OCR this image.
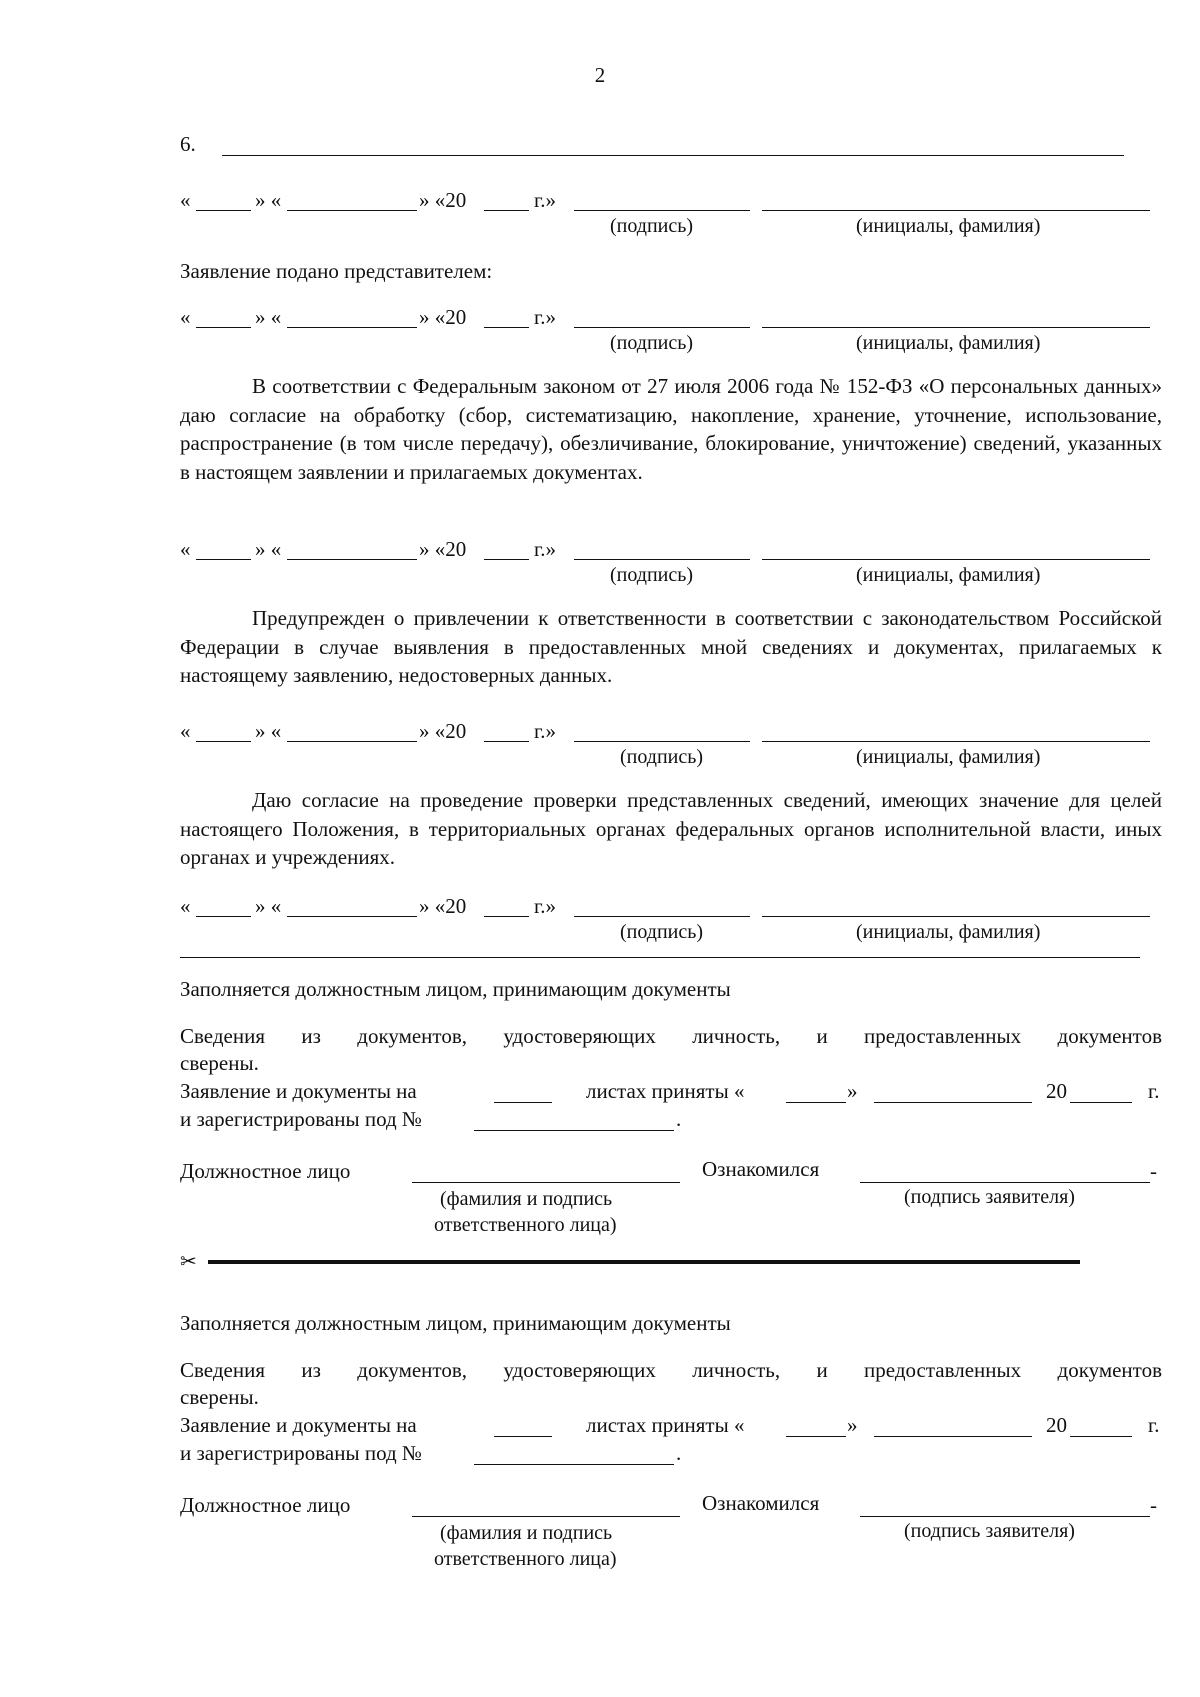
2
6.
«	» «	» «20	г.»
(подпись)	(инициалы, фамилия)
Заявление подано представителем:
«	» «	» «20	г.»
(подпись)	(инициалы, фамилия)

В соответствии с Федеральным законом от 27 июля 2006 года № 152-ФЗ «О персональных данных» даю согласие на обработку (сбор, систематизацию, накопление, хранение, уточнение, использование, распространение (в том числе передачу), обезличивание, блокирование, уничтожение) сведений, указанных в настоящем заявлении и прилагаемых документах.

«	» «	» «20	г.»
(подпись)	(инициалы, фамилия)

Предупрежден о привлечении к ответственности в соответствии с законодательством Российской Федерации в случае выявления в предоставленных мной сведениях и документах, прилагаемых к настоящему заявлению, недостоверных данных.

«	» «	» «20	г.»
(подпись)	(инициалы, фамилия)

Даю согласие на проведение проверки представленных сведений, имеющих значение для целей настоящего Положения, в территориальных органах федеральных органов исполнительной власти, иных органах и учреждениях.

«	» «	» «20	г.»
(подпись)	(инициалы, фамилия)
Заполняется должностным лицом, принимающим документы
Сведения из документов, удостоверяющих личность, и предоставленных документов
сверены.
Заявление и документы на	листах приняты «	»	20	г.
и зарегистрированы под №	.
Должностное лицо	Ознакомился	-
(фамилия и подпись
ответственного лица)
(подпись заявителя)
✂
Заполняется должностным лицом, принимающим документы
Сведения из документов, удостоверяющих личность, и предоставленных документов
сверены.
Заявление и документы на	листах приняты «	»	20	г.
и зарегистрированы под №	.
Должностное лицо	Ознакомился	-
(фамилия и подпись
ответственного лица)
(подпись заявителя)
